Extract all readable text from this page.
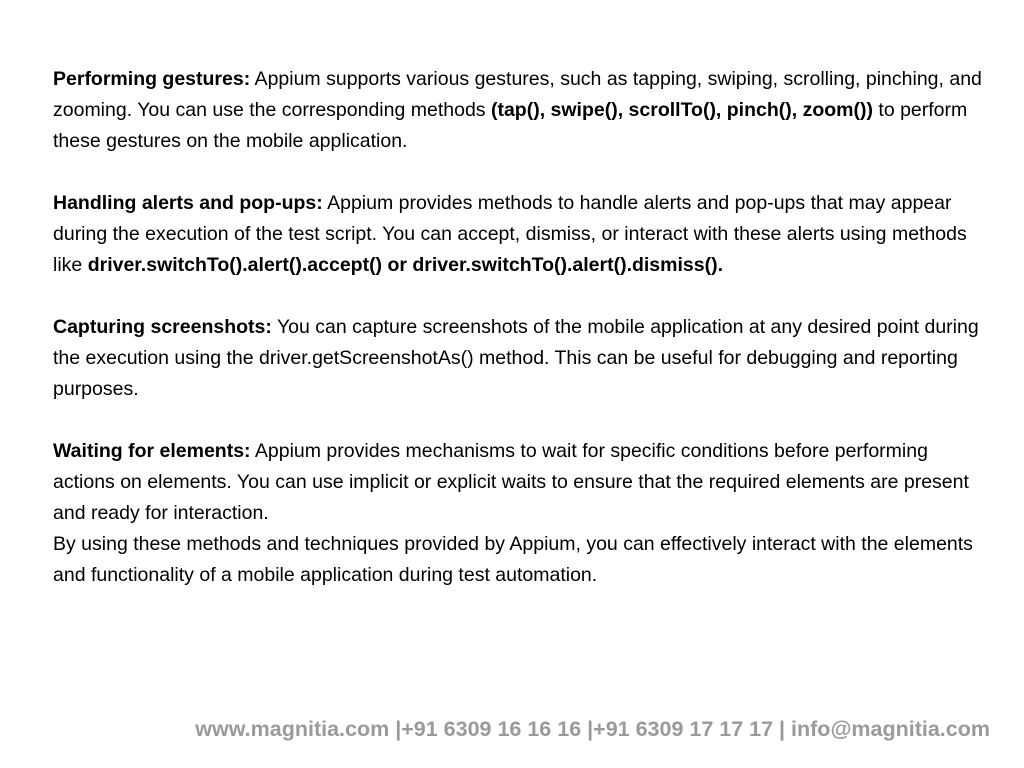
Performing gestures: Appium supports various gestures, such as tapping, swiping, scrolling, pinching, and zooming. You can use the corresponding methods (tap(), swipe(), scrollTo(), pinch(), zoom()) to perform these gestures on the mobile application.

Handling alerts and pop-ups: Appium provides methods to handle alerts and pop-ups that may appear during the execution of the test script. You can accept, dismiss, or interact with these alerts using methods like driver.switchTo().alert().accept() or driver.switchTo().alert().dismiss().

Capturing screenshots: You can capture screenshots of the mobile application at any desired point during the execution using the driver.getScreenshotAs() method. This can be useful for debugging and reporting purposes.

Waiting for elements: Appium provides mechanisms to wait for specific conditions before performing actions on elements. You can use implicit or explicit waits to ensure that the required elements are present and ready for interaction.

By using these methods and techniques provided by Appium, you can effectively interact with the elements and functionality of a mobile application during test automation.

www.magnitia.com |+91 6309 16 16 16 |+91 6309 17 17 17 | info@magnitia.com
